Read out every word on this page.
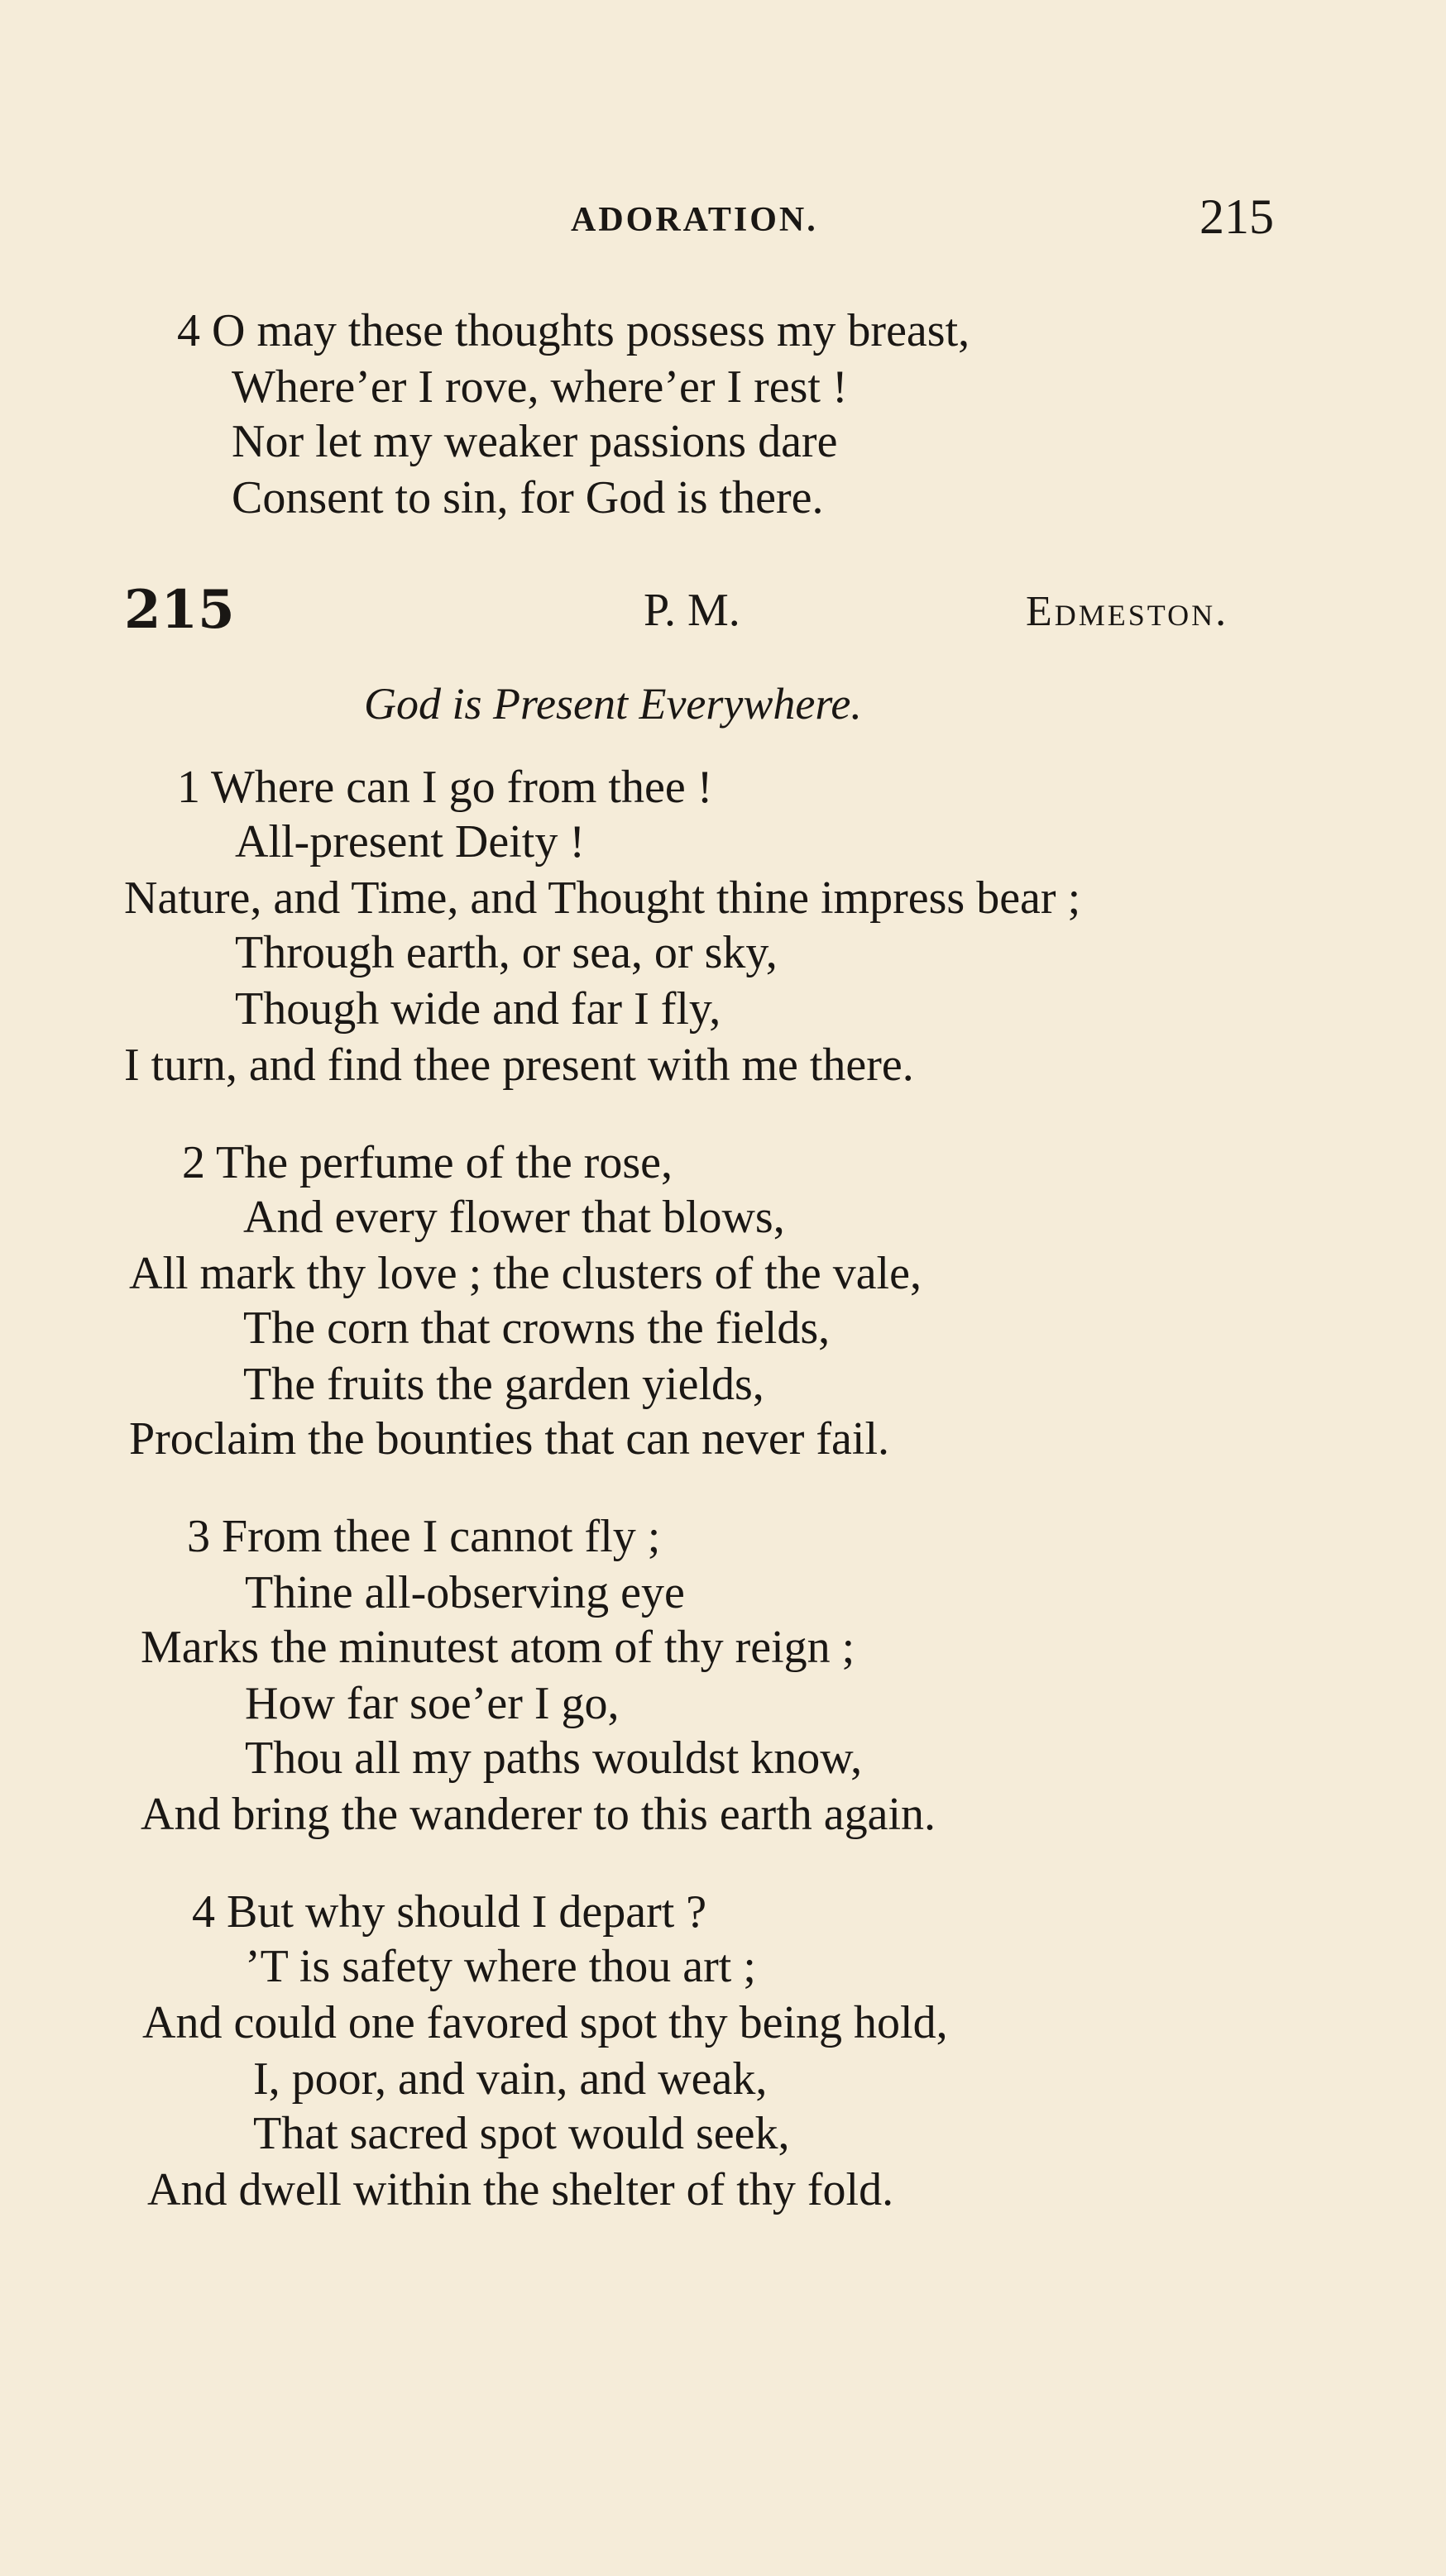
ADORATION.	215
4 O may these thoughts possess my breast,
Where’er I rove, where’er I rest !
Nor let my weaker passions dare
Consent to sin, for God is there.
215	P. M.	Edmeston.
God is Present Everywhere.
1 Where can I go from thee !
All-present Deity !
Nature, and Time, and Thought thine impress bear ;
Through earth, or sea, or sky,
Though wide and far I fly,
I turn, and find thee present with me there.
2 The perfume of the rose,
And every flower that blows,
All mark thy love ; the clusters of the vale,
The corn that crowns the fields,
The fruits the garden yields,
Proclaim the bounties that can never fail.
3 From thee I cannot fly ;
Thine all-observing eye
Marks the minutest atom of thy reign ;
How far soe’er I go,
Thou all my paths wouldst know,
And bring the wanderer to this earth again.
4 But why should I depart ?
’T is safety where thou art ;
And could one favored spot thy being hold,
I, poor, and vain, and weak,
That sacred spot would seek,
And dwell within the shelter of thy fold.
